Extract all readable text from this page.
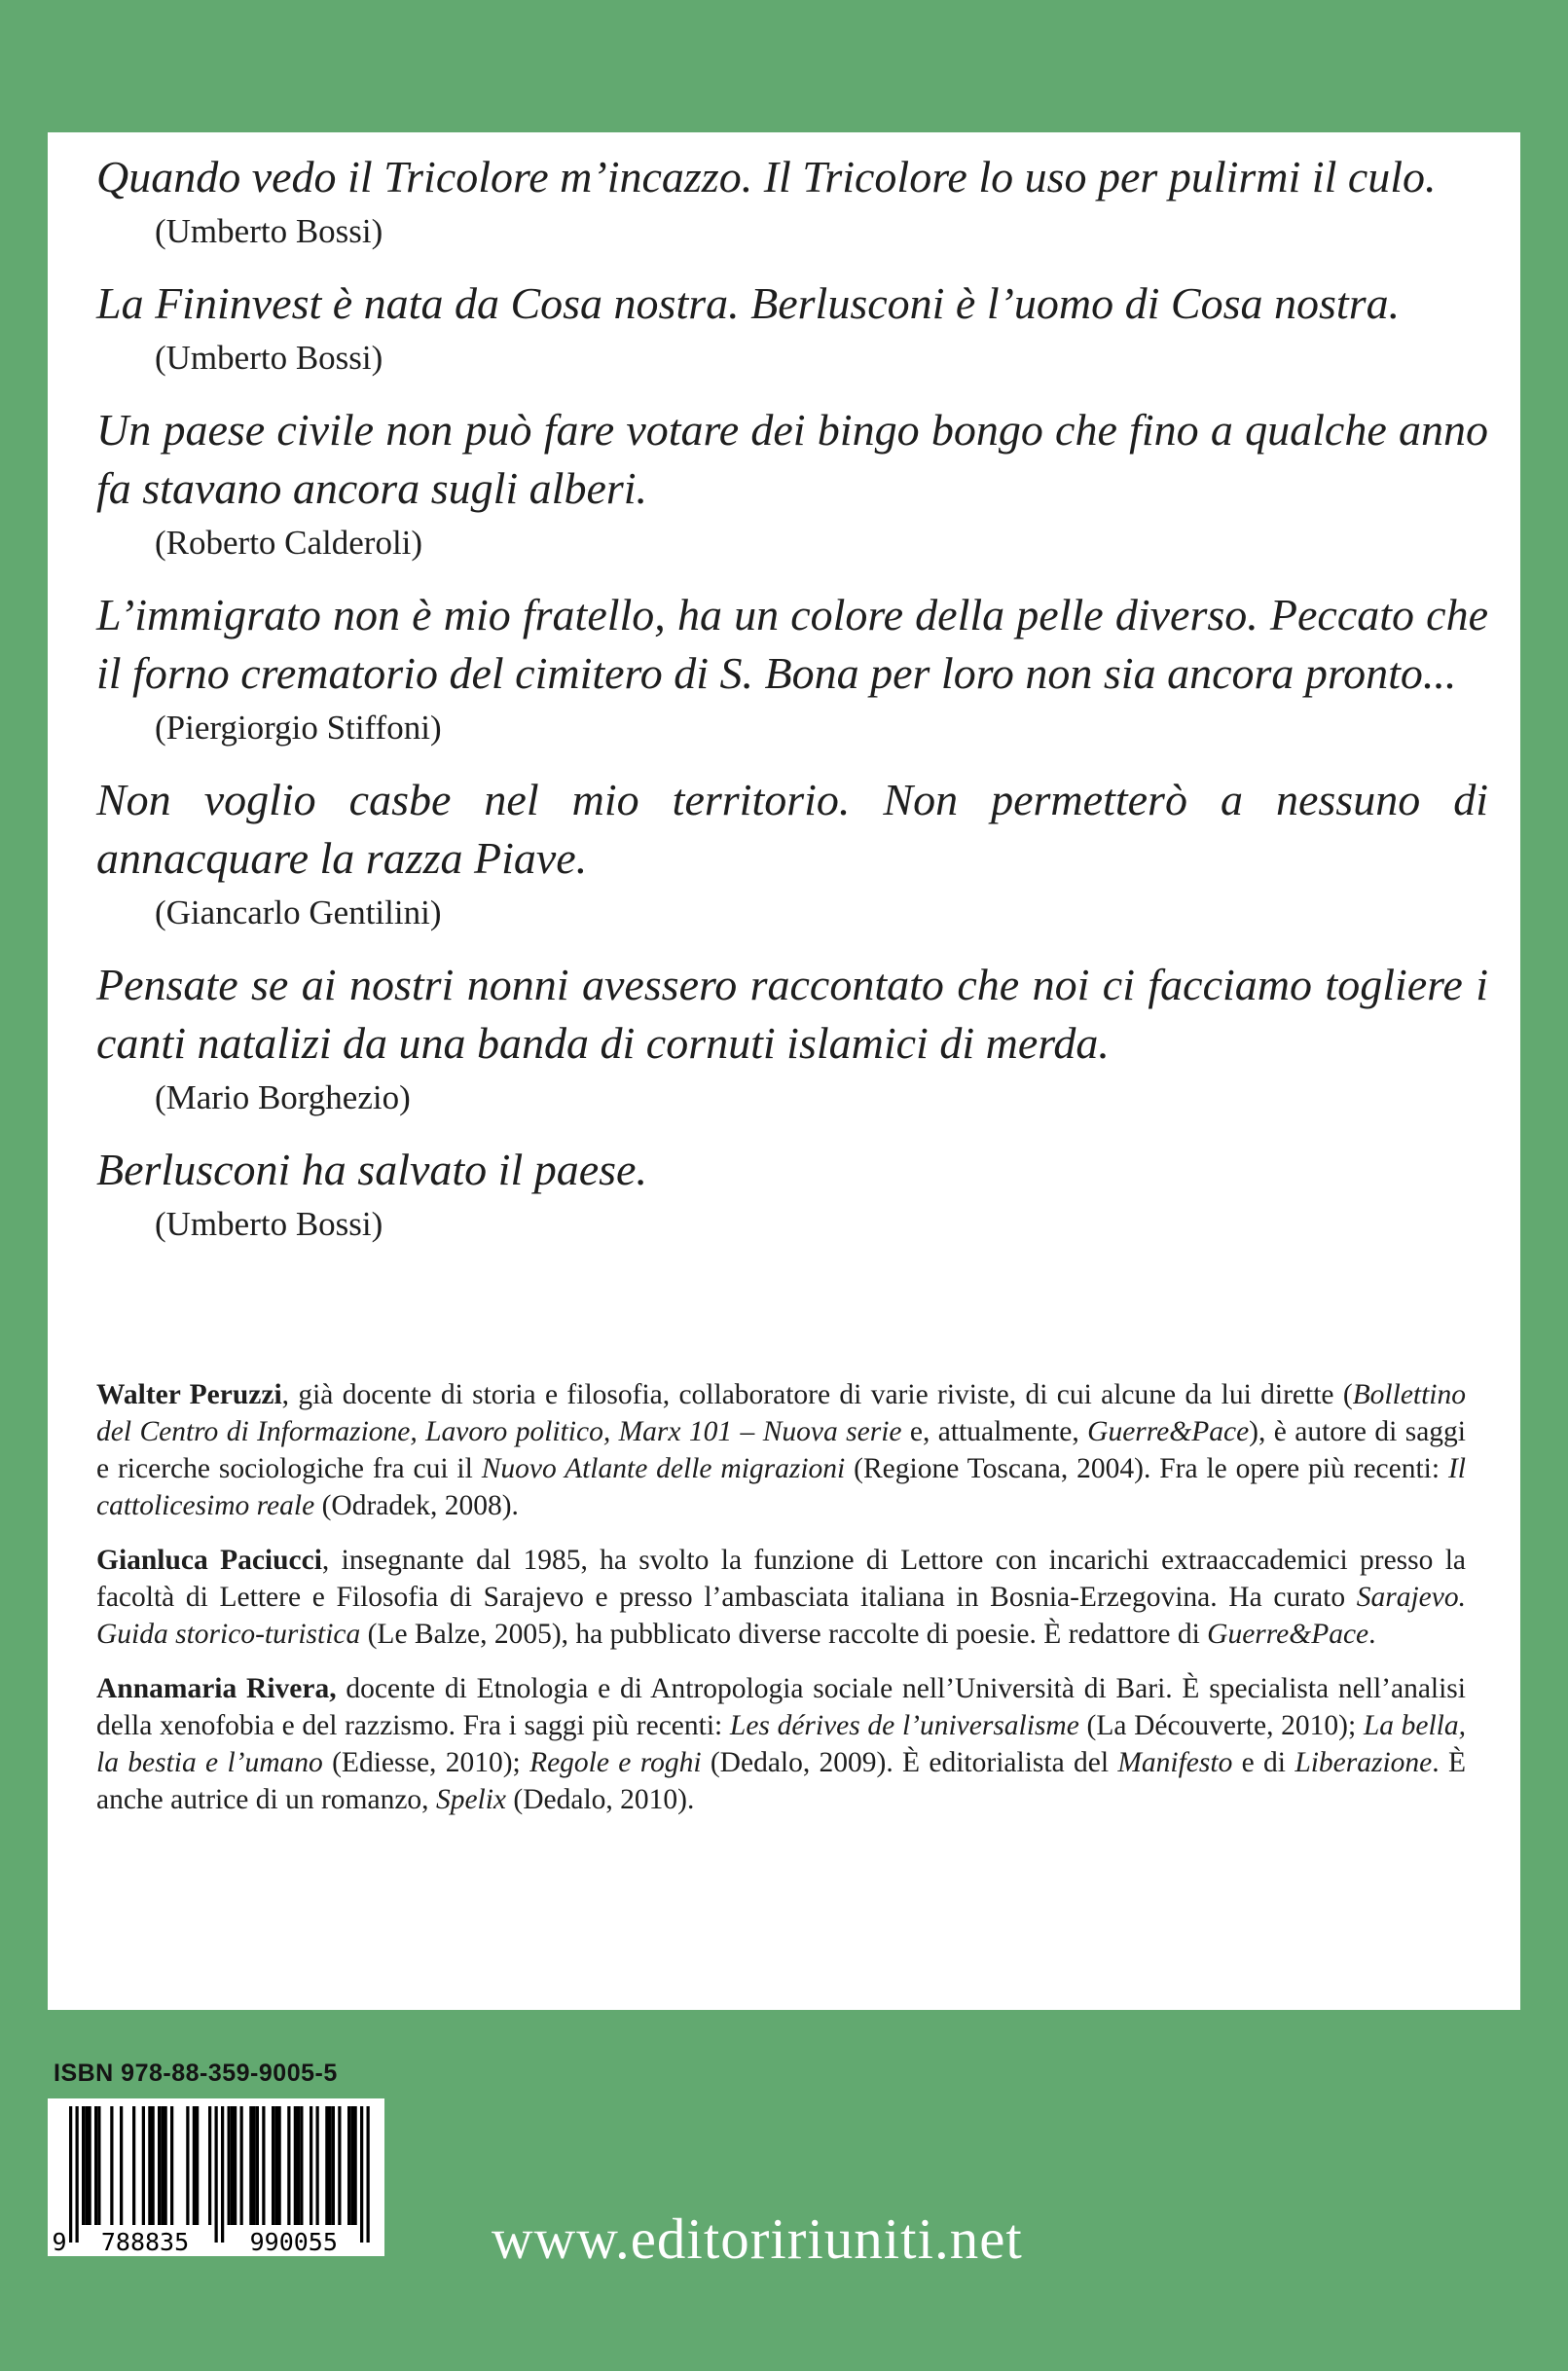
Quando vedo il Tricolore m’incazzo. Il Tricolore lo uso per pulirmi il culo.
(Umberto Bossi)
La Fininvest è nata da Cosa nostra. Berlusconi è l’uomo di Cosa nostra.
(Umberto Bossi)
Un paese civile non può fare votare dei bingo bongo che fino a qualche anno fa stavano ancora sugli alberi.
(Roberto Calderoli)
L’immigrato non è mio fratello, ha un colore della pelle diverso. Peccato che il forno crematorio del cimitero di S. Bona per loro non sia ancora pronto...
(Piergiorgio Stiffoni)
Non voglio casbe nel mio territorio. Non permetterò a nessuno di annacquare la razza Piave.
(Giancarlo Gentilini)
Pensate se ai nostri nonni avessero raccontato che noi ci facciamo togliere i canti natalizi da una banda di cornuti islamici di merda.
(Mario Borghezio)
Berlusconi ha salvato il paese.
(Umberto Bossi)

Walter Peruzzi, già docente di storia e filosofia, collaboratore di varie riviste, di cui alcune da lui dirette (Bollettino del Centro di Informazione, Lavoro politico, Marx 101 – Nuova serie e, attualmente, Guerre&Pace), è autore di saggi e ricerche sociologiche fra cui il Nuovo Atlante delle migrazioni (Regione Toscana, 2004). Fra le opere più recenti: Il cattolicesimo reale (Odradek, 2008).

Gianluca Paciucci, insegnante dal 1985, ha svolto la funzione di Lettore con incarichi extraaccademici presso la facoltà di Lettere e Filosofia di Sarajevo e presso l’ambasciata italiana in Bosnia-Erzegovina. Ha curato Sarajevo. Guida storico-turistica (Le Balze, 2005), ha pubblicato diverse raccolte di poesie. È redattore di Guerre&Pace.

Annamaria Rivera, docente di Etnologia e di Antropologia sociale nell’Università di Bari. È specialista nell’analisi della xenofobia e del razzismo. Fra i saggi più recenti: Les dérives de l’universalisme (La Découverte, 2010); La bella, la bestia e l’umano (Ediesse, 2010); Regole e roghi (Dedalo, 2009). È editorialista del Manifesto e di Liberazione. È anche autrice di un romanzo, Spelix (Dedalo, 2010).

ISBN 978-88-359-9005-5
9 788835 990055	www.editoririuniti.net
